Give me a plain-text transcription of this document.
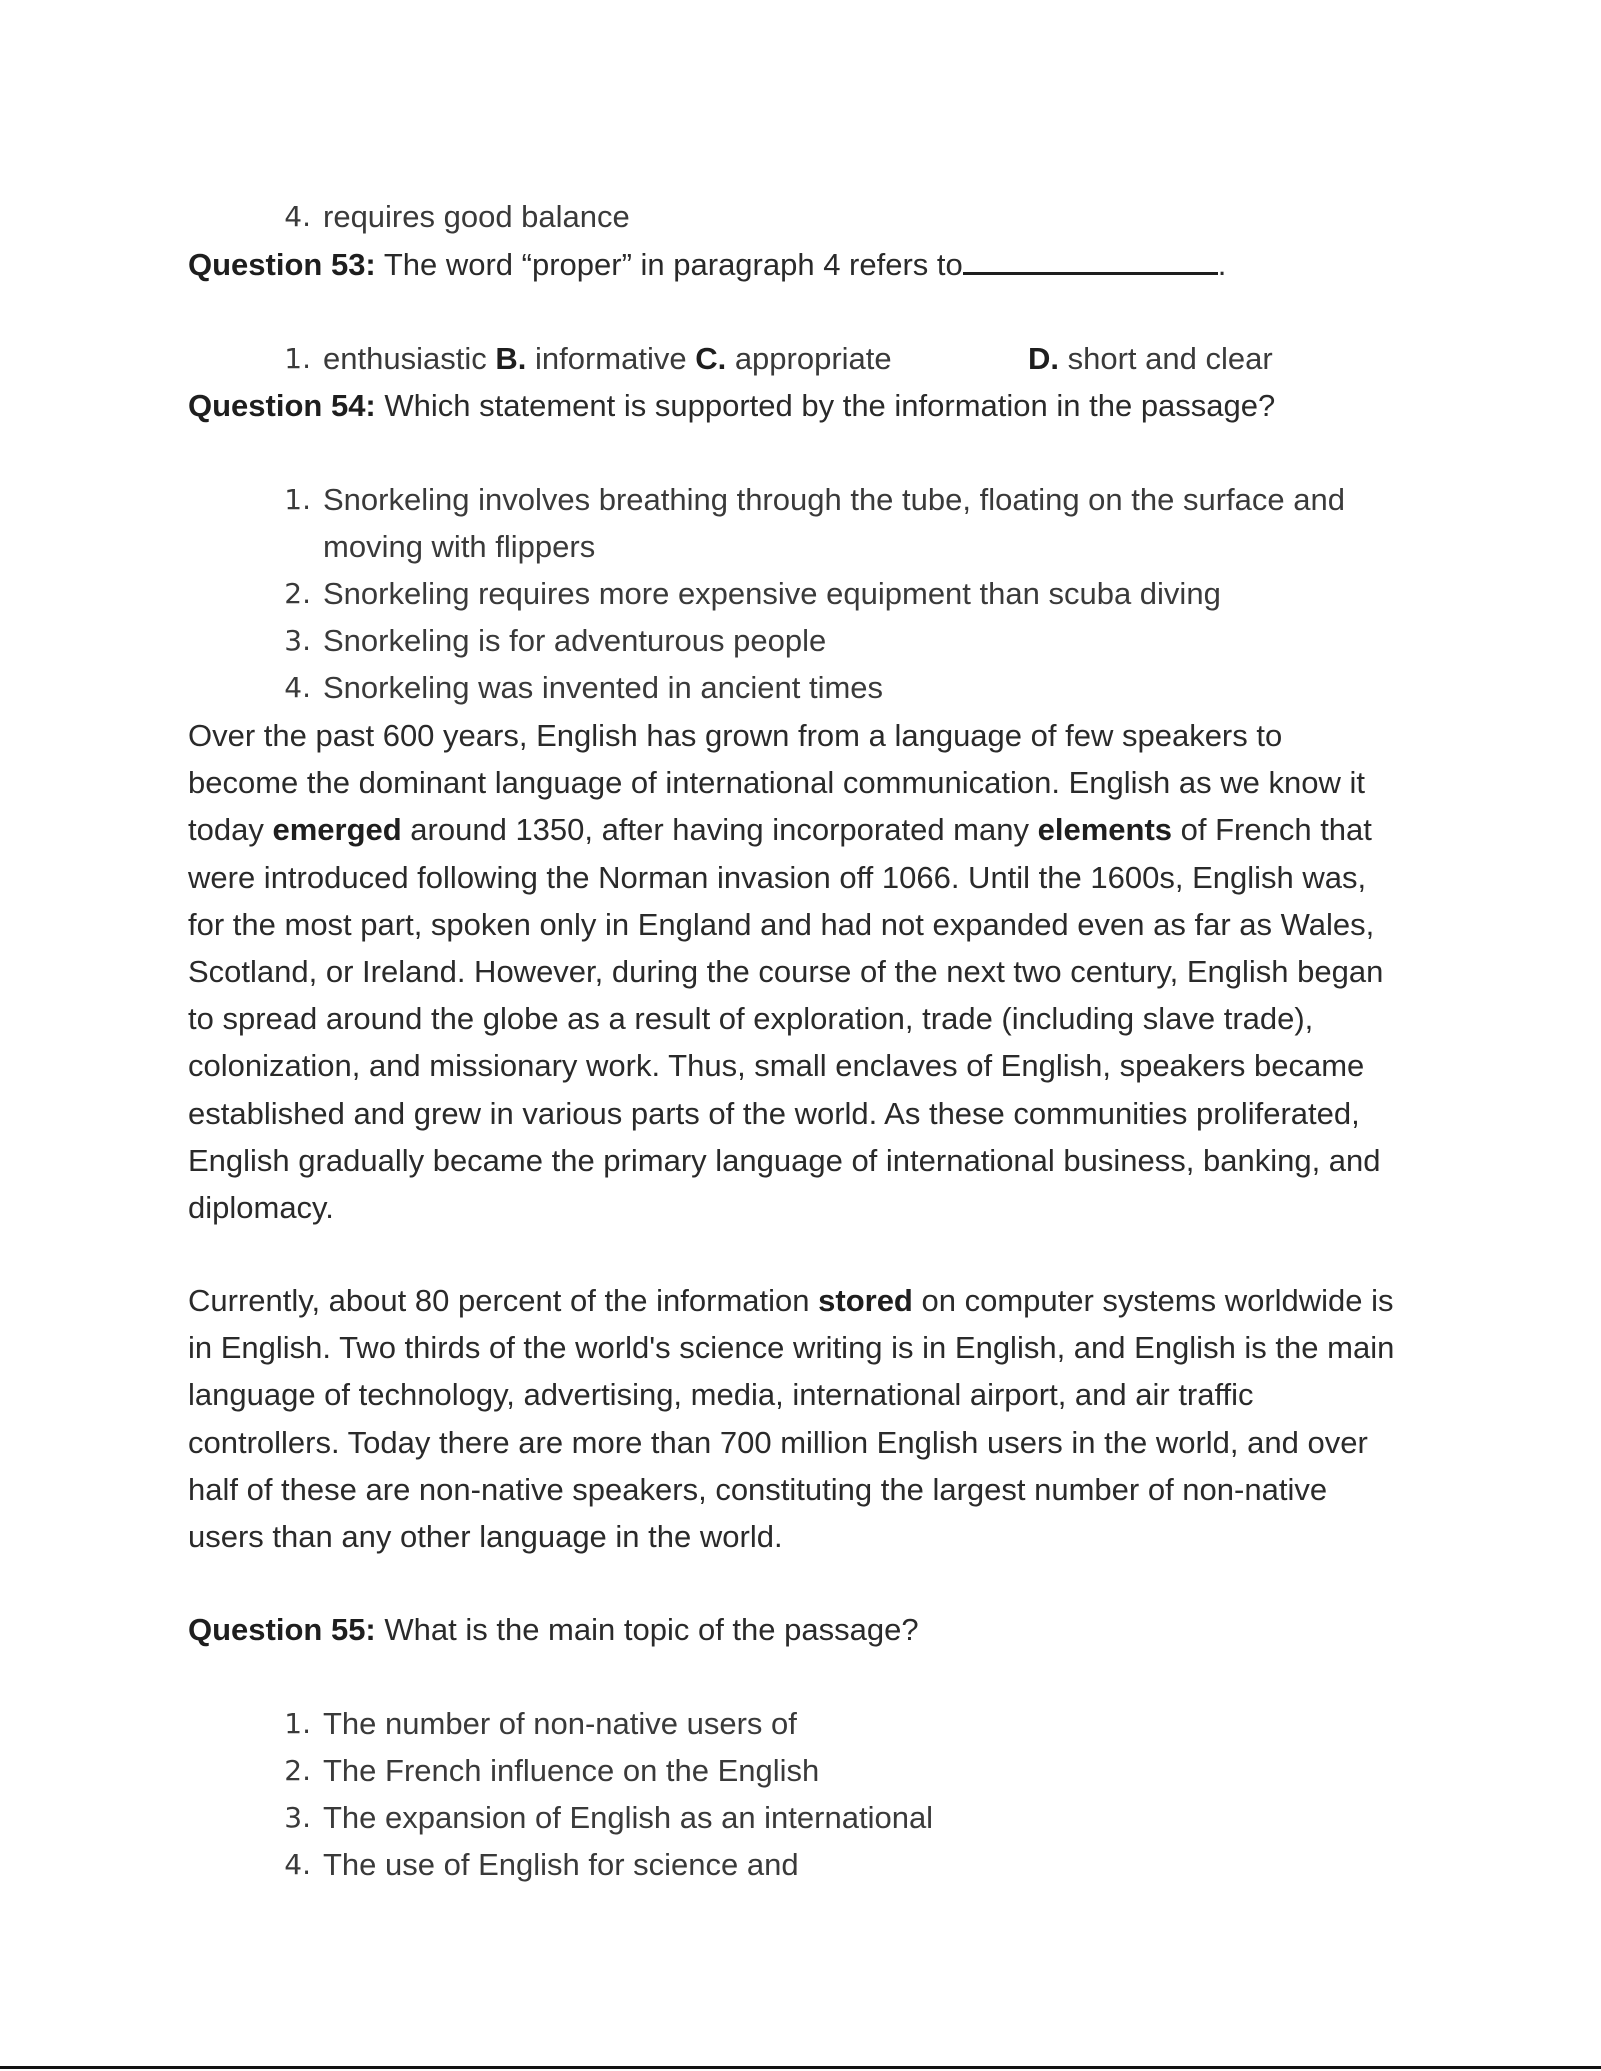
4. requires good balance
Question 53: The word “proper” in paragraph 4 refers to	.
1. enthusiastic B. informative C. appropriate	D. short and clear
Question 54: Which statement is supported by the information in the passage?
1. Snorkeling involves breathing through the tube, floating on the surface and
moving with flippers
2. Snorkeling requires more expensive equipment than scuba diving
3. Snorkeling is for adventurous people
4. Snorkeling was invented in ancient times
Over the past 600 years, English has grown from a language of few speakers to
become the dominant language of international communication. English as we know it
today emerged around 1350, after having incorporated many elements of French that
were introduced following the Norman invasion off 1066. Until the 1600s, English was,
for the most part, spoken only in England and had not expanded even as far as Wales,
Scotland, or Ireland. However, during the course of the next two century, English began
to spread around the globe as a result of exploration, trade (including slave trade),
colonization, and missionary work. Thus, small enclaves of English, speakers became
established and grew in various parts of the world. As these communities proliferated,
English gradually became the primary language of international business, banking, and
diplomacy.
Currently, about 80 percent of the information stored on computer systems worldwide is
in English. Two thirds of the world's science writing is in English, and English is the main
language of technology, advertising, media, international airport, and air traffic
controllers. Today there are more than 700 million English users in the world, and over
half of these are non-native speakers, constituting the largest number of non-native
users than any other language in the world.
Question 55: What is the main topic of the passage?
1. The number of non-native users of
2. The French influence on the English
3. The expansion of English as an international
4. The use of English for science and
